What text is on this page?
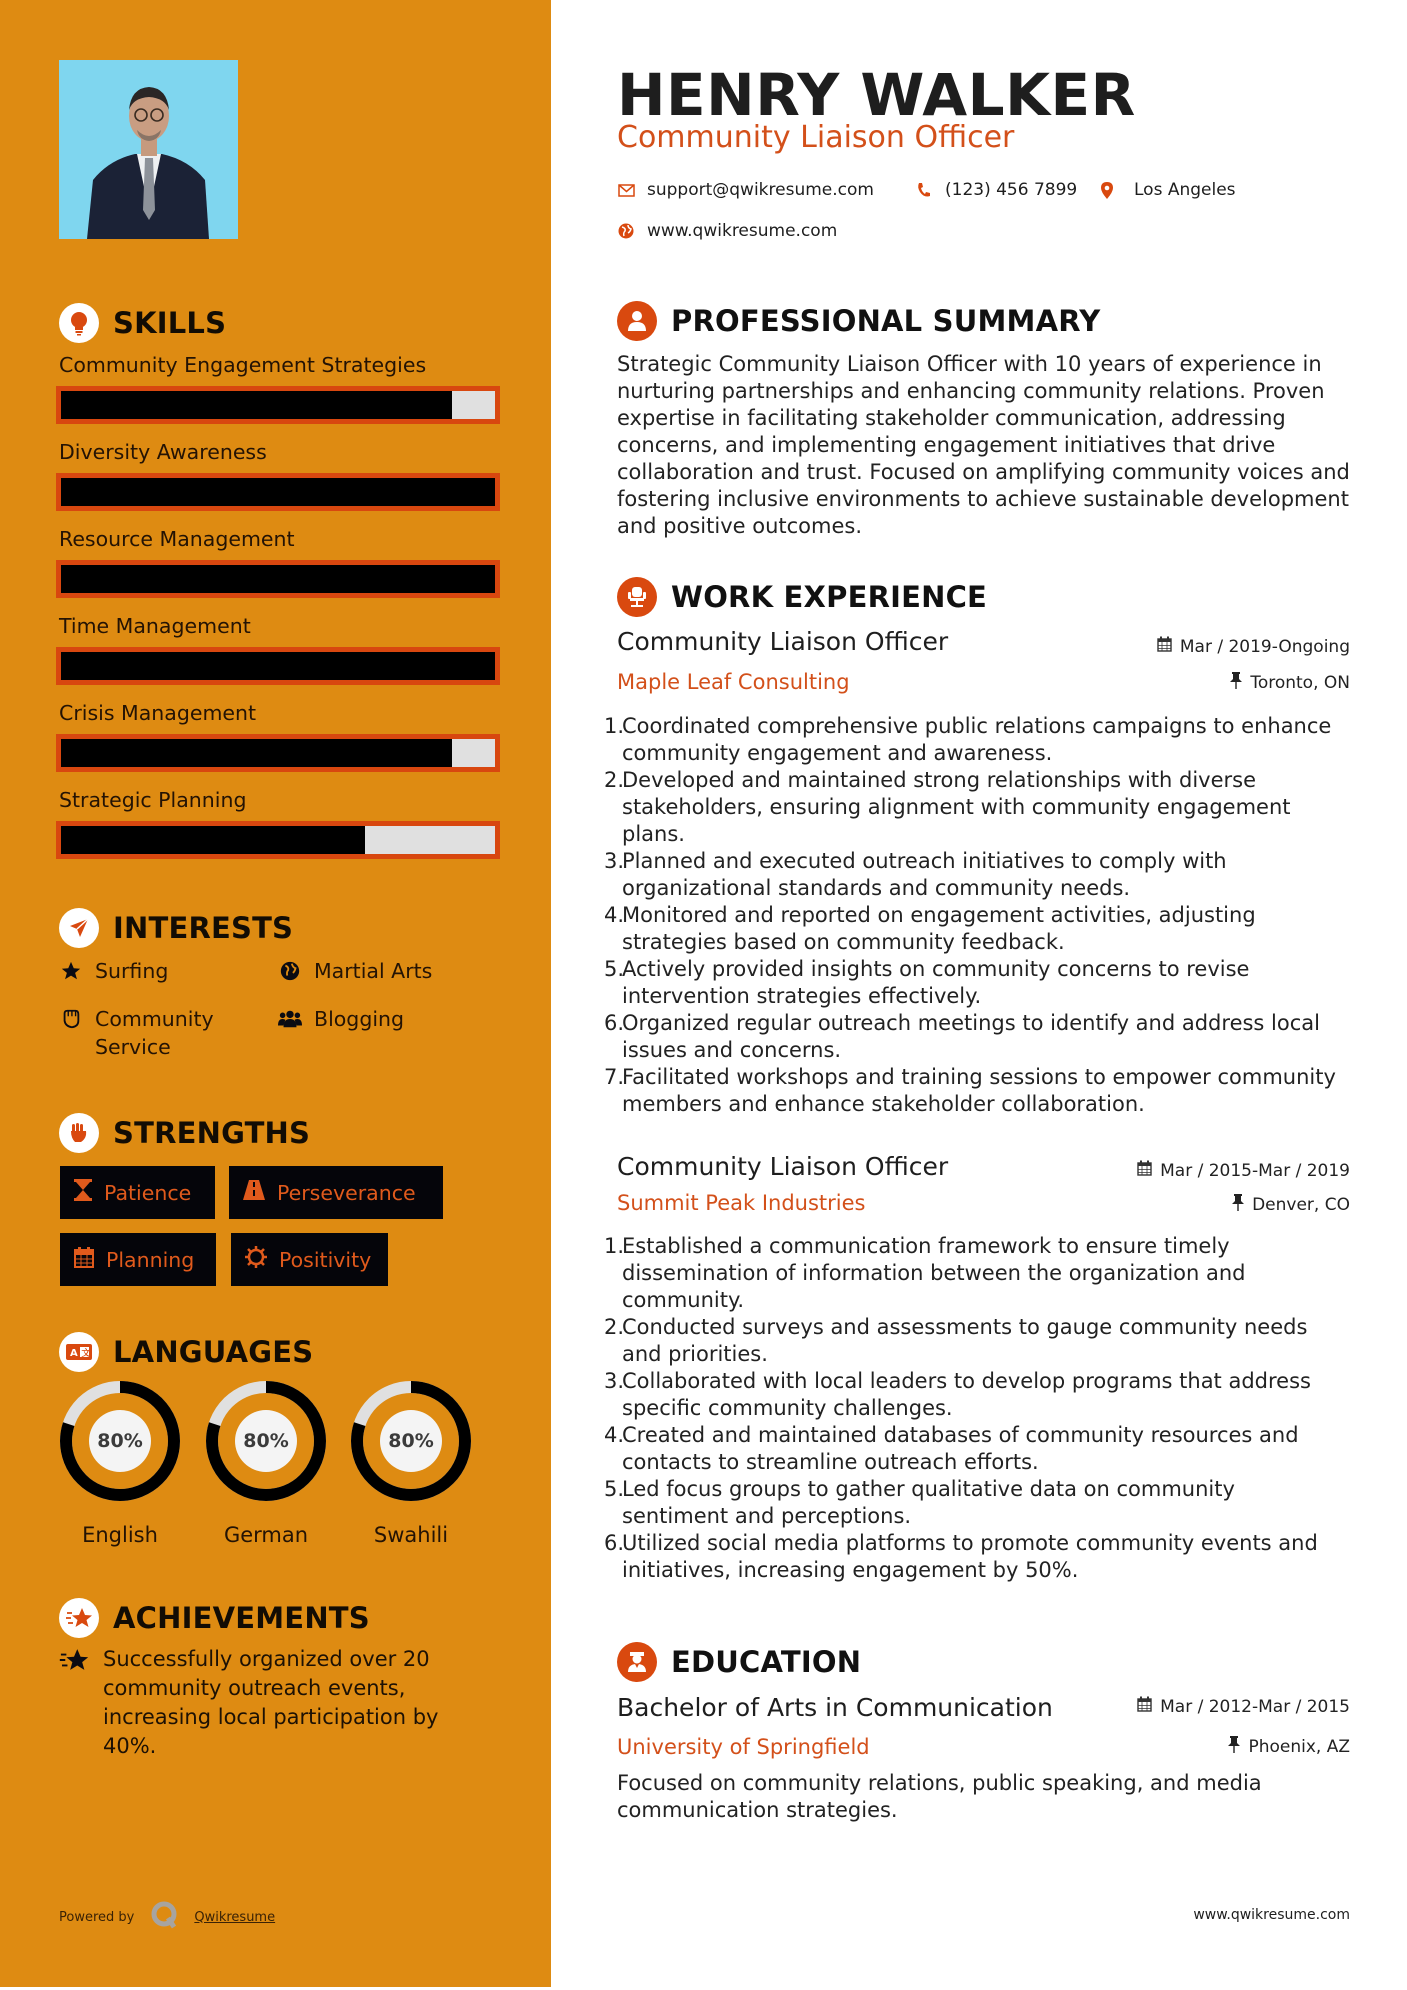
SKILLS
Community Engagement Strategies
Diversity Awareness
Resource Management
Time Management
Crisis Management
Strategic Planning
INTERESTS
Surfing	Martial Arts
Community Service
Blogging
STRENGTHS
Patience	Perseverance
Planning	Positivity
A 文 LANGUAGES
80%
English
80%
German
80%
Swahili
ACHIEVEMENTS
Successfully organized over 20 community outreach events, increasing local participation by 40%.
Powered by	Qwikresume
HENRY WALKER
Community Liaison Officer
support@qwikresume.com	(123) 456 7899	Los Angeles
www.qwikresume.com
PROFESSIONAL SUMMARY
Strategic Community Liaison Officer with 10 years of experience in nurturing partnerships and enhancing community relations. Proven expertise in facilitating stakeholder communication, addressing concerns, and implementing engagement initiatives that drive collaboration and trust. Focused on amplifying community voices and fostering inclusive environments to achieve sustainable development and positive outcomes.
WORK EXPERIENCE
Community Liaison Officer	Mar / 2019-Ongoing
Maple Leaf Consulting	Toronto, ON
1.
Coordinated comprehensive public relations campaigns to enhance community engagement and awareness.
2.
Developed and maintained strong relationships with diverse stakeholders, ensuring alignment with community engagement plans.
3.
Planned and executed outreach initiatives to comply with organizational standards and community needs.
4.
Monitored and reported on engagement activities, adjusting strategies based on community feedback.
5.
Actively provided insights on community concerns to revise intervention strategies effectively.
6.
Organized regular outreach meetings to identify and address local issues and concerns.
7.
Facilitated workshops and training sessions to empower community members and enhance stakeholder collaboration.
Community Liaison Officer	Mar / 2015-Mar / 2019
Summit Peak Industries	Denver, CO
1.
Established a communication framework to ensure timely dissemination of information between the organization and community.
2.
Conducted surveys and assessments to gauge community needs and priorities.
3.
Collaborated with local leaders to develop programs that address specific community challenges.
4.
Created and maintained databases of community resources and contacts to streamline outreach efforts.
5.
Led focus groups to gather qualitative data on community sentiment and perceptions.
6.
Utilized social media platforms to promote community events and initiatives, increasing engagement by 50%.
EDUCATION
Bachelor of Arts in Communication	Mar / 2012-Mar / 2015
University of Springfield	Phoenix, AZ
Focused on community relations, public speaking, and media communication strategies.
www.qwikresume.com
